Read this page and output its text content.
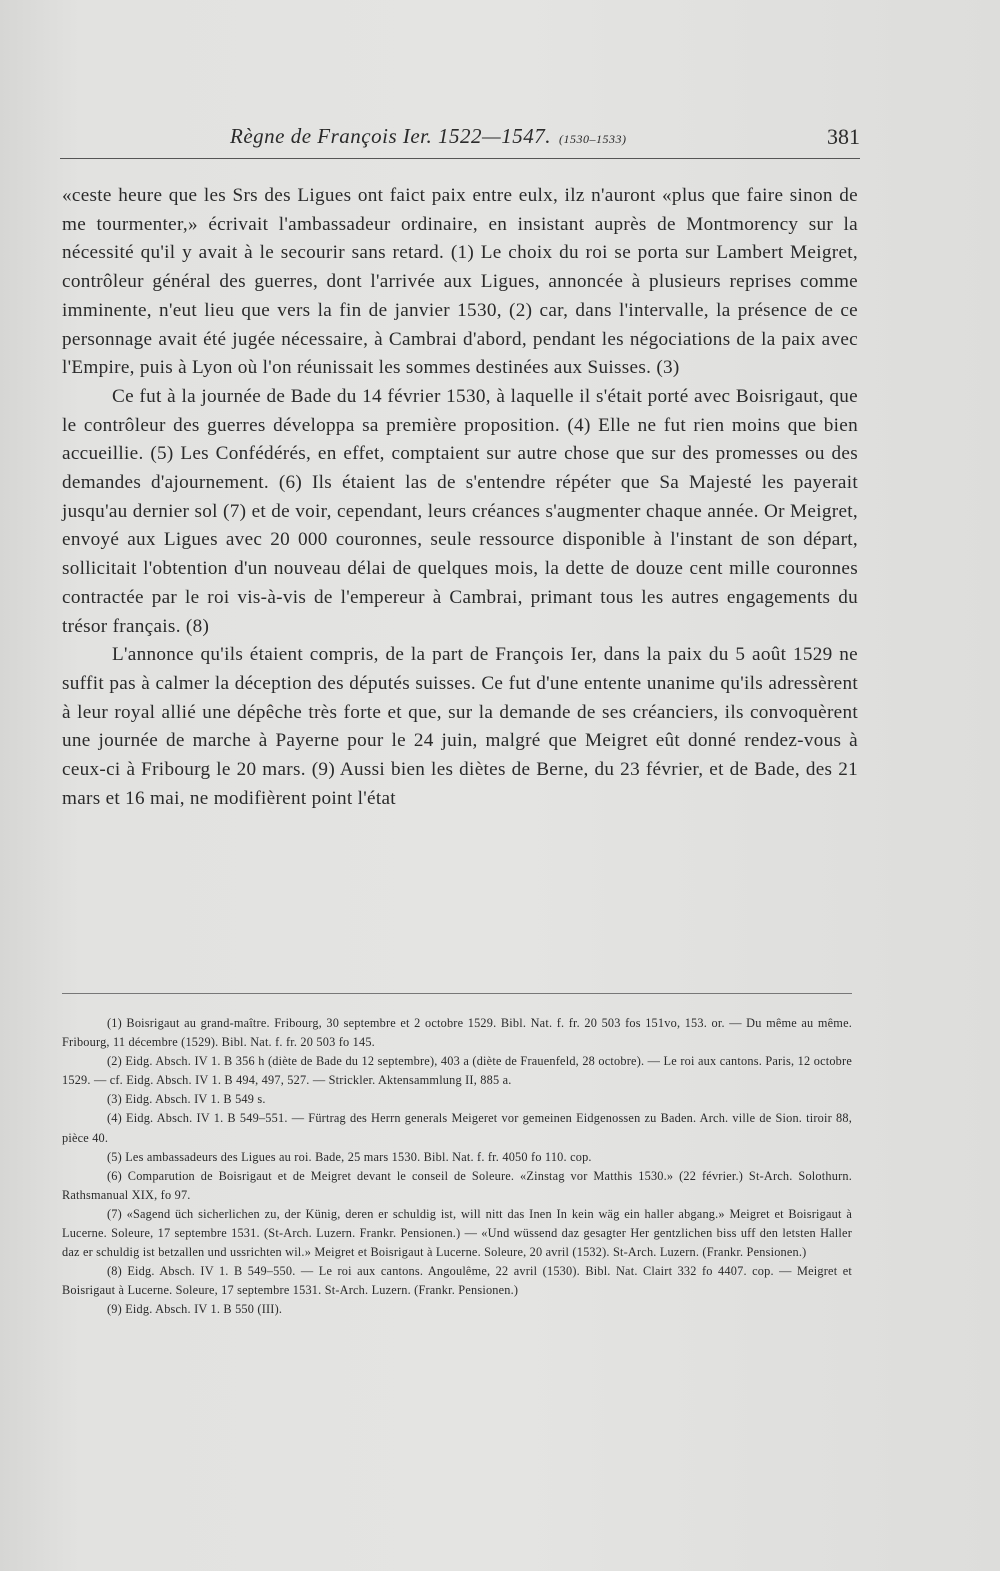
Règne de François Ier. 1522—1547. (1530–1533)	381

«ceste heure que les Srs des Ligues ont faict paix entre eulx, ilz n'auront «plus que faire sinon de me tourmenter,» écrivait l'ambassadeur ordinaire, en insistant auprès de Montmorency sur la nécessité qu'il y avait à le secourir sans retard. (1) Le choix du roi se porta sur Lambert Meigret, contrôleur général des guerres, dont l'arrivée aux Ligues, annoncée à plusieurs reprises comme imminente, n'eut lieu que vers la fin de janvier 1530, (2) car, dans l'intervalle, la présence de ce personnage avait été jugée nécessaire, à Cambrai d'abord, pendant les négociations de la paix avec l'Empire, puis à Lyon où l'on réunissait les sommes destinées aux Suisses. (3)

Ce fut à la journée de Bade du 14 février 1530, à laquelle il s'était porté avec Boisrigaut, que le contrôleur des guerres développa sa première proposition. (4) Elle ne fut rien moins que bien accueillie. (5) Les Confédérés, en effet, comptaient sur autre chose que sur des promesses ou des demandes d'ajournement. (6) Ils étaient las de s'entendre répéter que Sa Majesté les payerait jusqu'au dernier sol (7) et de voir, cependant, leurs créances s'augmenter chaque année. Or Meigret, envoyé aux Ligues avec 20 000 couronnes, seule ressource disponible à l'instant de son départ, sollicitait l'obtention d'un nouveau délai de quelques mois, la dette de douze cent mille couronnes contractée par le roi vis-à-vis de l'empereur à Cambrai, primant tous les autres engagements du trésor français. (8)

L'annonce qu'ils étaient compris, de la part de François Ier, dans la paix du 5 août 1529 ne suffit pas à calmer la déception des députés suisses. Ce fut d'une entente unanime qu'ils adressèrent à leur royal allié une dépêche très forte et que, sur la demande de ses créanciers, ils convoquèrent une journée de marche à Payerne pour le 24 juin, malgré que Meigret eût donné rendez-vous à ceux-ci à Fribourg le 20 mars. (9) Aussi bien les diètes de Berne, du 23 février, et de Bade, des 21 mars et 16 mai, ne modifièrent point l'état

(1) Boisrigaut au grand-maître. Fribourg, 30 septembre et 2 octobre 1529. Bibl. Nat. f. fr. 20 503 fos 151vo, 153. or. — Du même au même. Fribourg, 11 décembre (1529). Bibl. Nat. f. fr. 20 503 fo 145.

(2) Eidg. Absch. IV 1. B 356 h (diète de Bade du 12 septembre), 403 a (diète de Frauenfeld, 28 octobre). — Le roi aux cantons. Paris, 12 octobre 1529. — cf. Eidg. Absch. IV 1. B 494, 497, 527. — Strickler. Aktensammlung II, 885 a.

(3) Eidg. Absch. IV 1. B 549 s.

(4) Eidg. Absch. IV 1. B 549–551. — Fürtrag des Herrn generals Meigeret vor gemeinen Eidgenossen zu Baden. Arch. ville de Sion. tiroir 88, pièce 40.

(5) Les ambassadeurs des Ligues au roi. Bade, 25 mars 1530. Bibl. Nat. f. fr. 4050 fo 110. cop.

(6) Comparution de Boisrigaut et de Meigret devant le conseil de Soleure. «Zinstag vor Matthis 1530.» (22 février.) St-Arch. Solothurn. Rathsmanual XIX, fo 97.

(7) «Sagend üch sicherlichen zu, der Künig, deren er schuldig ist, will nitt das Inen In kein wäg ein haller abgang.» Meigret et Boisrigaut à Lucerne. Soleure, 17 septembre 1531. (St-Arch. Luzern. Frankr. Pensionen.) — «Und wüssend daz gesagter Her gentzlichen biss uff den letsten Haller daz er schuldig ist betzallen und ussrichten wil.» Meigret et Boisrigaut à Lucerne. Soleure, 20 avril (1532). St-Arch. Luzern. (Frankr. Pensionen.)

(8) Eidg. Absch. IV 1. B 549–550. — Le roi aux cantons. Angoulême, 22 avril (1530). Bibl. Nat. Clairt 332 fo 4407. cop. — Meigret et Boisrigaut à Lucerne. Soleure, 17 septembre 1531. St-Arch. Luzern. (Frankr. Pensionen.)

(9) Eidg. Absch. IV 1. B 550 (III).
